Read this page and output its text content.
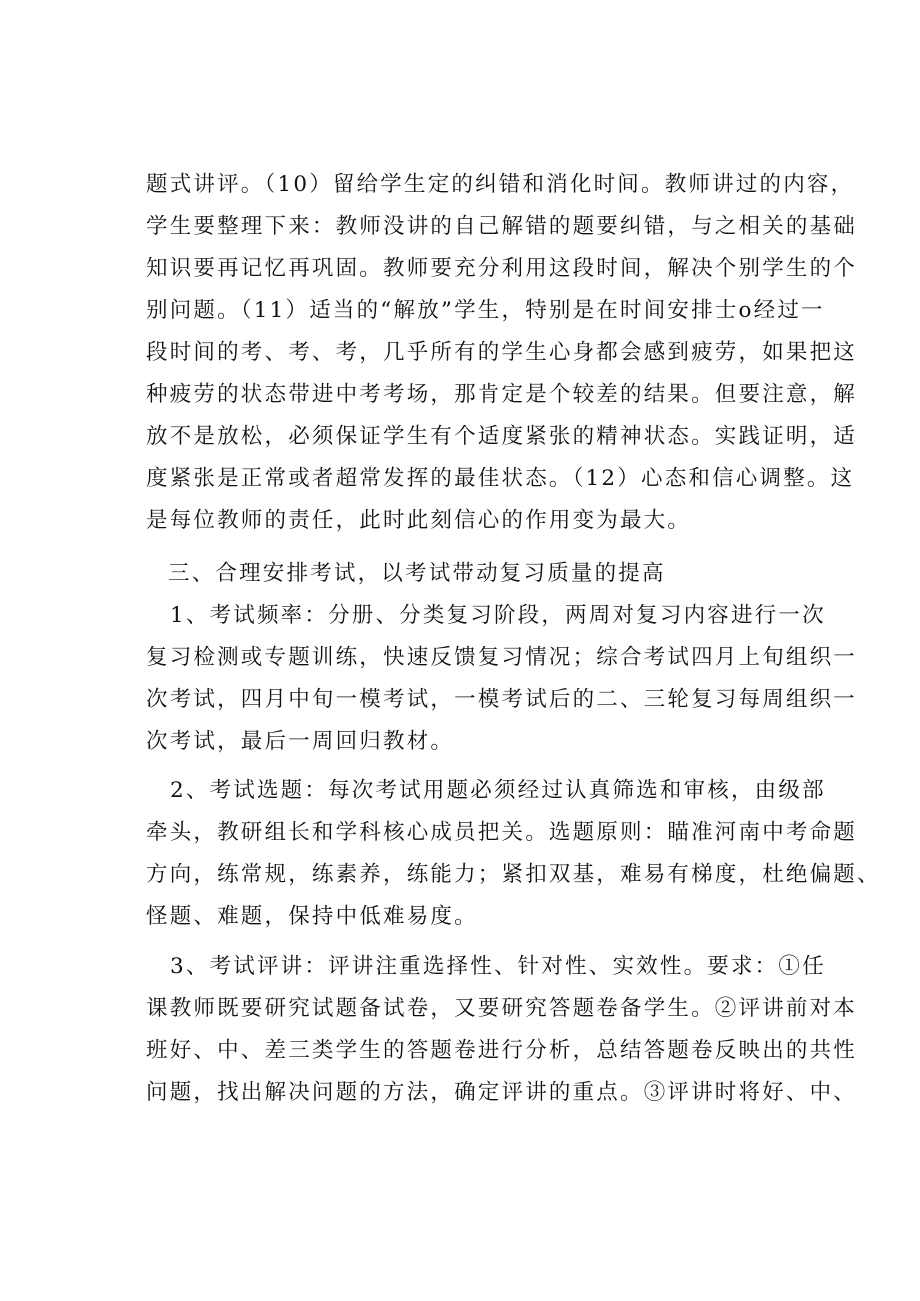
题式讲评。（10）留给学生定的纠错和消化时间。教师讲过的内容，
学生要整理下来：教师没讲的自己解错的题要纠错，与之相关的基础
知识要再记忆再巩固。教师要充分利用这段时间，解决个别学生的个
别问题。（11）适当的“解放”学生，特别是在时间安排士o经过一
段时间的考、考、考，几乎所有的学生心身都会感到疲劳，如果把这
种疲劳的状态带进中考考场，那肯定是个较差的结果。但要注意，解
放不是放松，必须保证学生有个适度紧张的精神状态。实践证明，适
度紧张是正常或者超常发挥的最佳状态。（12）心态和信心调整。这
是每位教师的责任，此时此刻信心的作用变为最大。
三、合理安排考试，以考试带动复习质量的提高
1、考试频率：分册、分类复习阶段，两周对复习内容进行一次
复习检测或专题训练，快速反馈复习情况；综合考试四月上旬组织一
次考试，四月中旬一模考试，一模考试后的二、三轮复习每周组织一
次考试，最后一周回归教材。
2、考试选题：每次考试用题必须经过认真筛选和审核，由级部
牵头，教研组长和学科核心成员把关。选题原则：瞄准河南中考命题
方向，练常规，练素养，练能力；紧扣双基，难易有梯度，杜绝偏题、
怪题、难题，保持中低难易度。
3、考试评讲：评讲注重选择性、针对性、实效性。要求：①任
课教师既要研究试题备试卷，又要研究答题卷备学生。②评讲前对本
班好、中、差三类学生的答题卷进行分析，总结答题卷反映出的共性
问题，找出解决问题的方法，确定评讲的重点。③评讲时将好、中、
